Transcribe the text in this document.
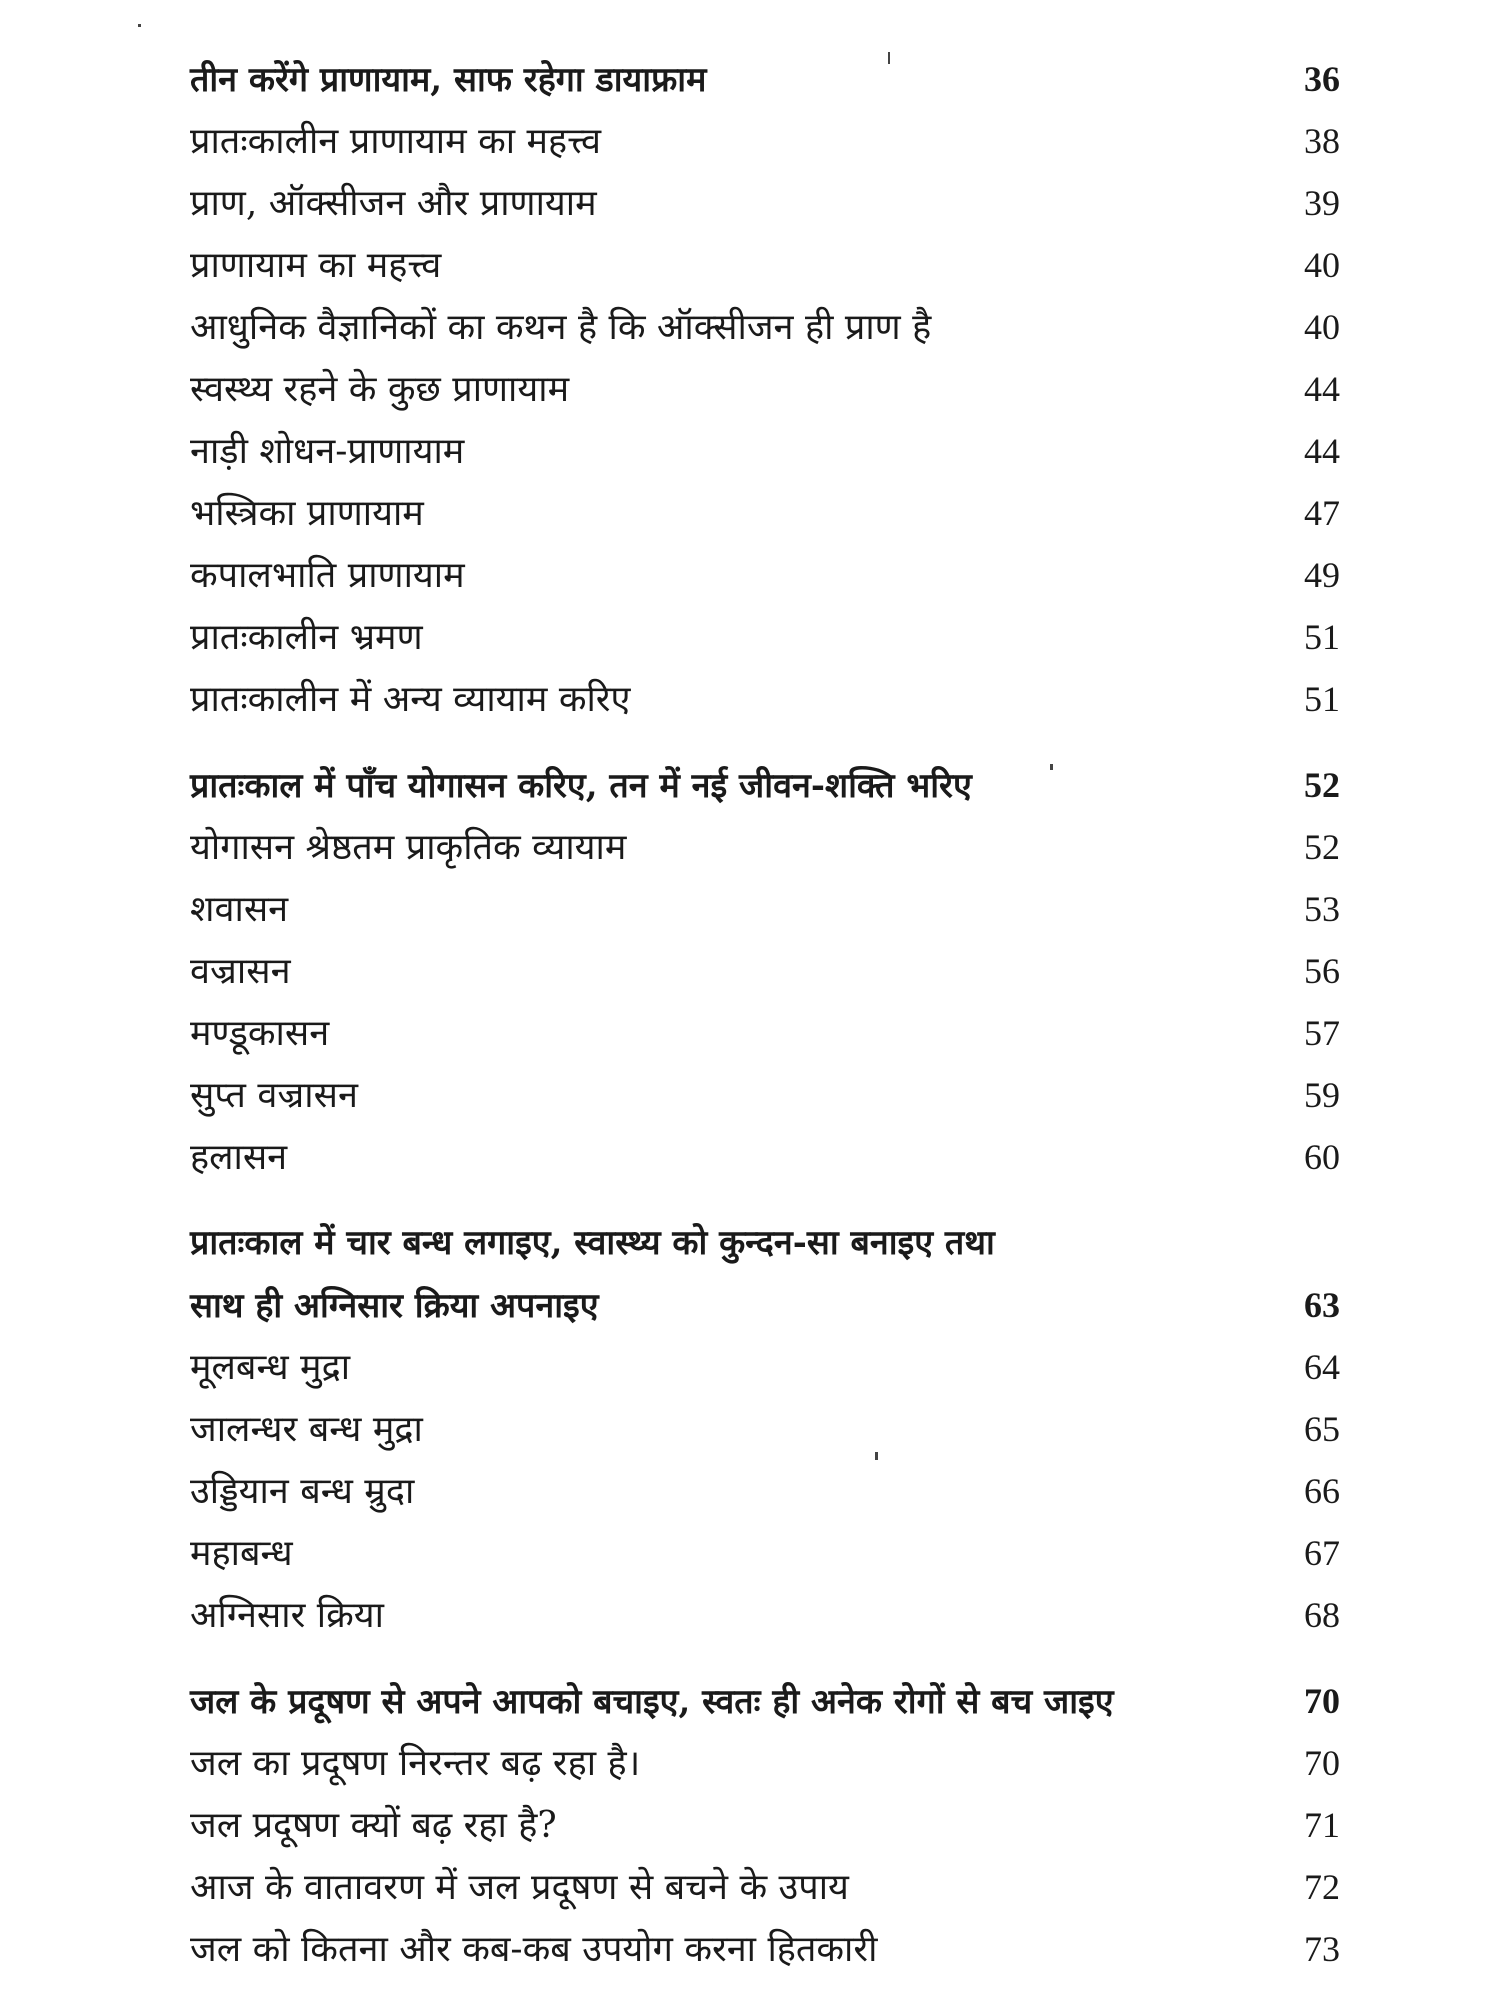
तीन करेंगे प्राणायाम, साफ रहेगा डायाफ्राम	36
प्रातःकालीन प्राणायाम का महत्त्व	38
प्राण, ऑक्सीजन और प्राणायाम	39
प्राणायाम का महत्त्व	40
आधुनिक वैज्ञानिकों का कथन है कि ऑक्सीजन ही प्राण है	40
स्वस्थ्य रहने के कुछ प्राणायाम	44
नाड़ी शोधन-प्राणायाम	44
भस्त्रिका प्राणायाम	47
कपालभाति प्राणायाम	49
प्रातःकालीन भ्रमण	51
प्रातःकालीन में अन्य व्यायाम करिए	51
प्रातःकाल में पाँच योगासन करिए, तन में नई जीवन-शक्ति भरिए	52
योगासन श्रेष्ठतम प्राकृतिक व्यायाम	52
शवासन	53
वज्रासन	56
मण्डूकासन	57
सुप्त वज्रासन	59
हलासन	60
प्रातःकाल में चार बन्ध लगाइए, स्वास्थ्य को कुन्दन-सा बनाइए तथा
साथ ही अग्निसार क्रिया अपनाइए	63
मूलबन्ध मुद्रा	64
जालन्धर बन्ध मुद्रा	65
उड्डियान बन्ध म्रुदा	66
महाबन्ध	67
अग्निसार क्रिया	68
जल के प्रदूषण से अपने आपको बचाइए, स्वतः ही अनेक रोगों से बच जाइए	70
जल का प्रदूषण निरन्तर बढ़ रहा है।	70
जल प्रदूषण क्यों बढ़ रहा है?	71
आज के वातावरण में जल प्रदूषण से बचने के उपाय	72
जल को कितना और कब-कब उपयोग करना हितकारी	73
